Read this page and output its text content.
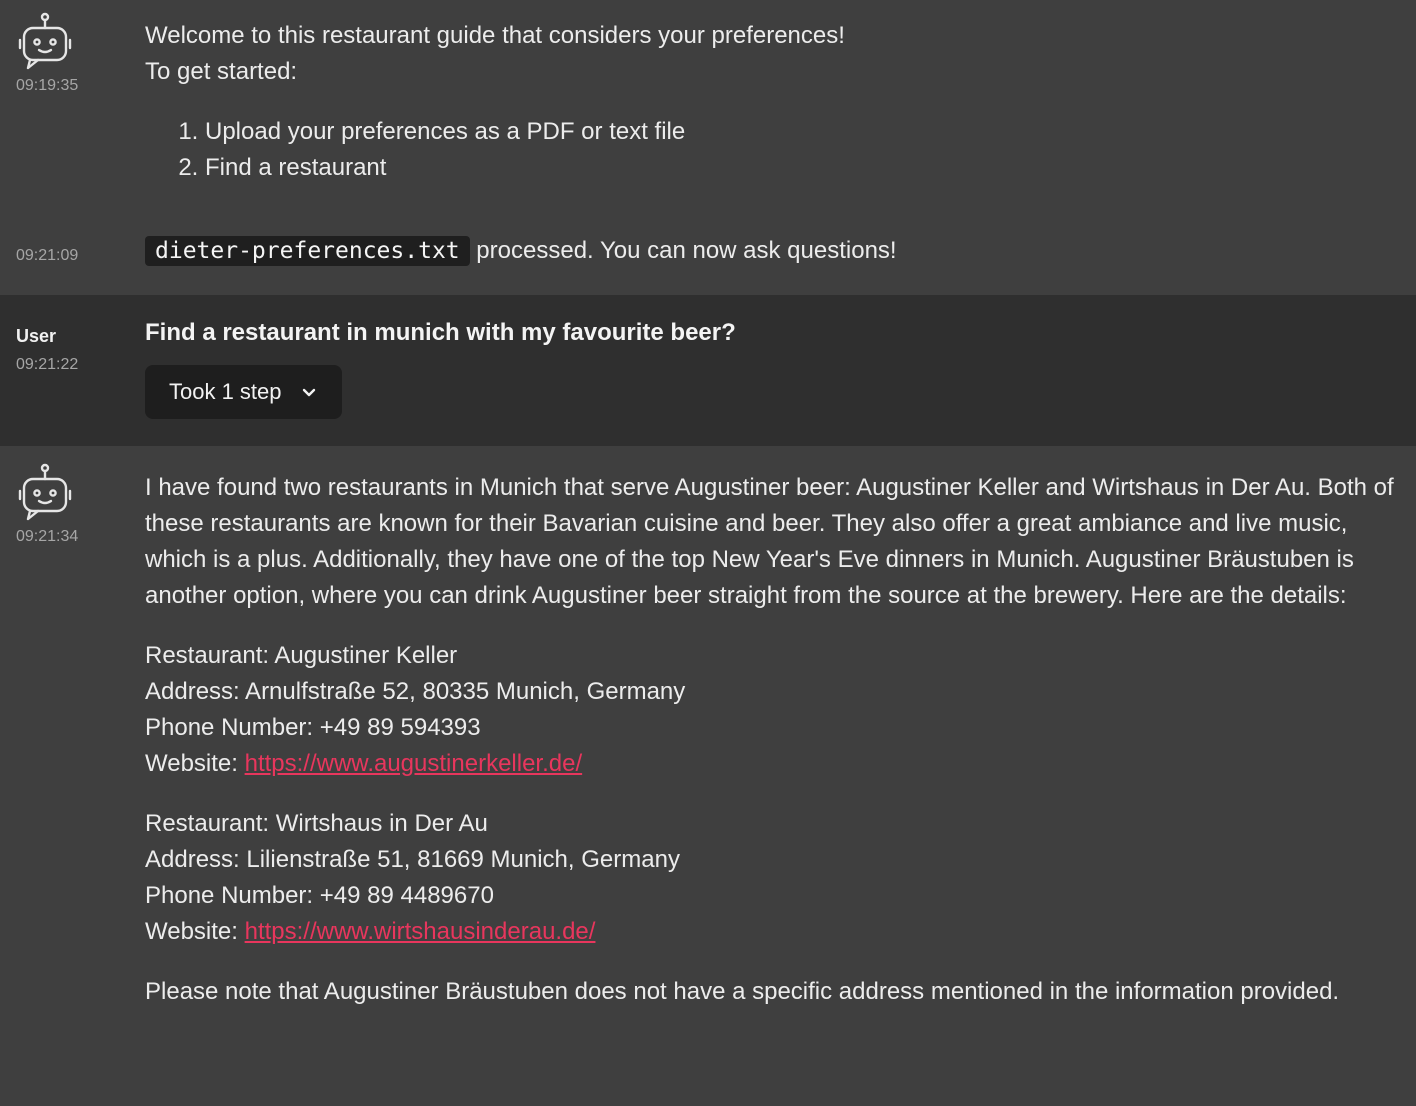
09:19:35

Welcome to this restaurant guide that considers your preferences!

To get started:

1. Upload your preferences as a PDF or text file
2. Find a restaurant
09:21:09	dieter-preferences.txt processed. You can now ask questions!
User
09:21:22
Find a restaurant in munich with my favourite beer?
Took 1 step
09:21:34

I have found two restaurants in Munich that serve Augustiner beer: Augustiner Keller and Wirtshaus in Der Au. Both of these restaurants are known for their Bavarian cuisine and beer. They also offer a great ambiance and live music, which is a plus. Additionally, they have one of the top New Year's Eve dinners in Munich. Augustiner Bräustuben is another option, where you can drink Augustiner beer straight from the source at the brewery. Here are the details:

Restaurant: Augustiner Keller

Address: Arnulfstraße 52, 80335 Munich, Germany

Phone Number: +49 89 594393

Website: https://www.augustinerkeller.de/

Restaurant: Wirtshaus in Der Au

Address: Lilienstraße 51, 81669 Munich, Germany

Phone Number: +49 89 4489670

Website: https://www.wirtshausinderau.de/

Please note that Augustiner Bräustuben does not have a specific address mentioned in the information provided.
